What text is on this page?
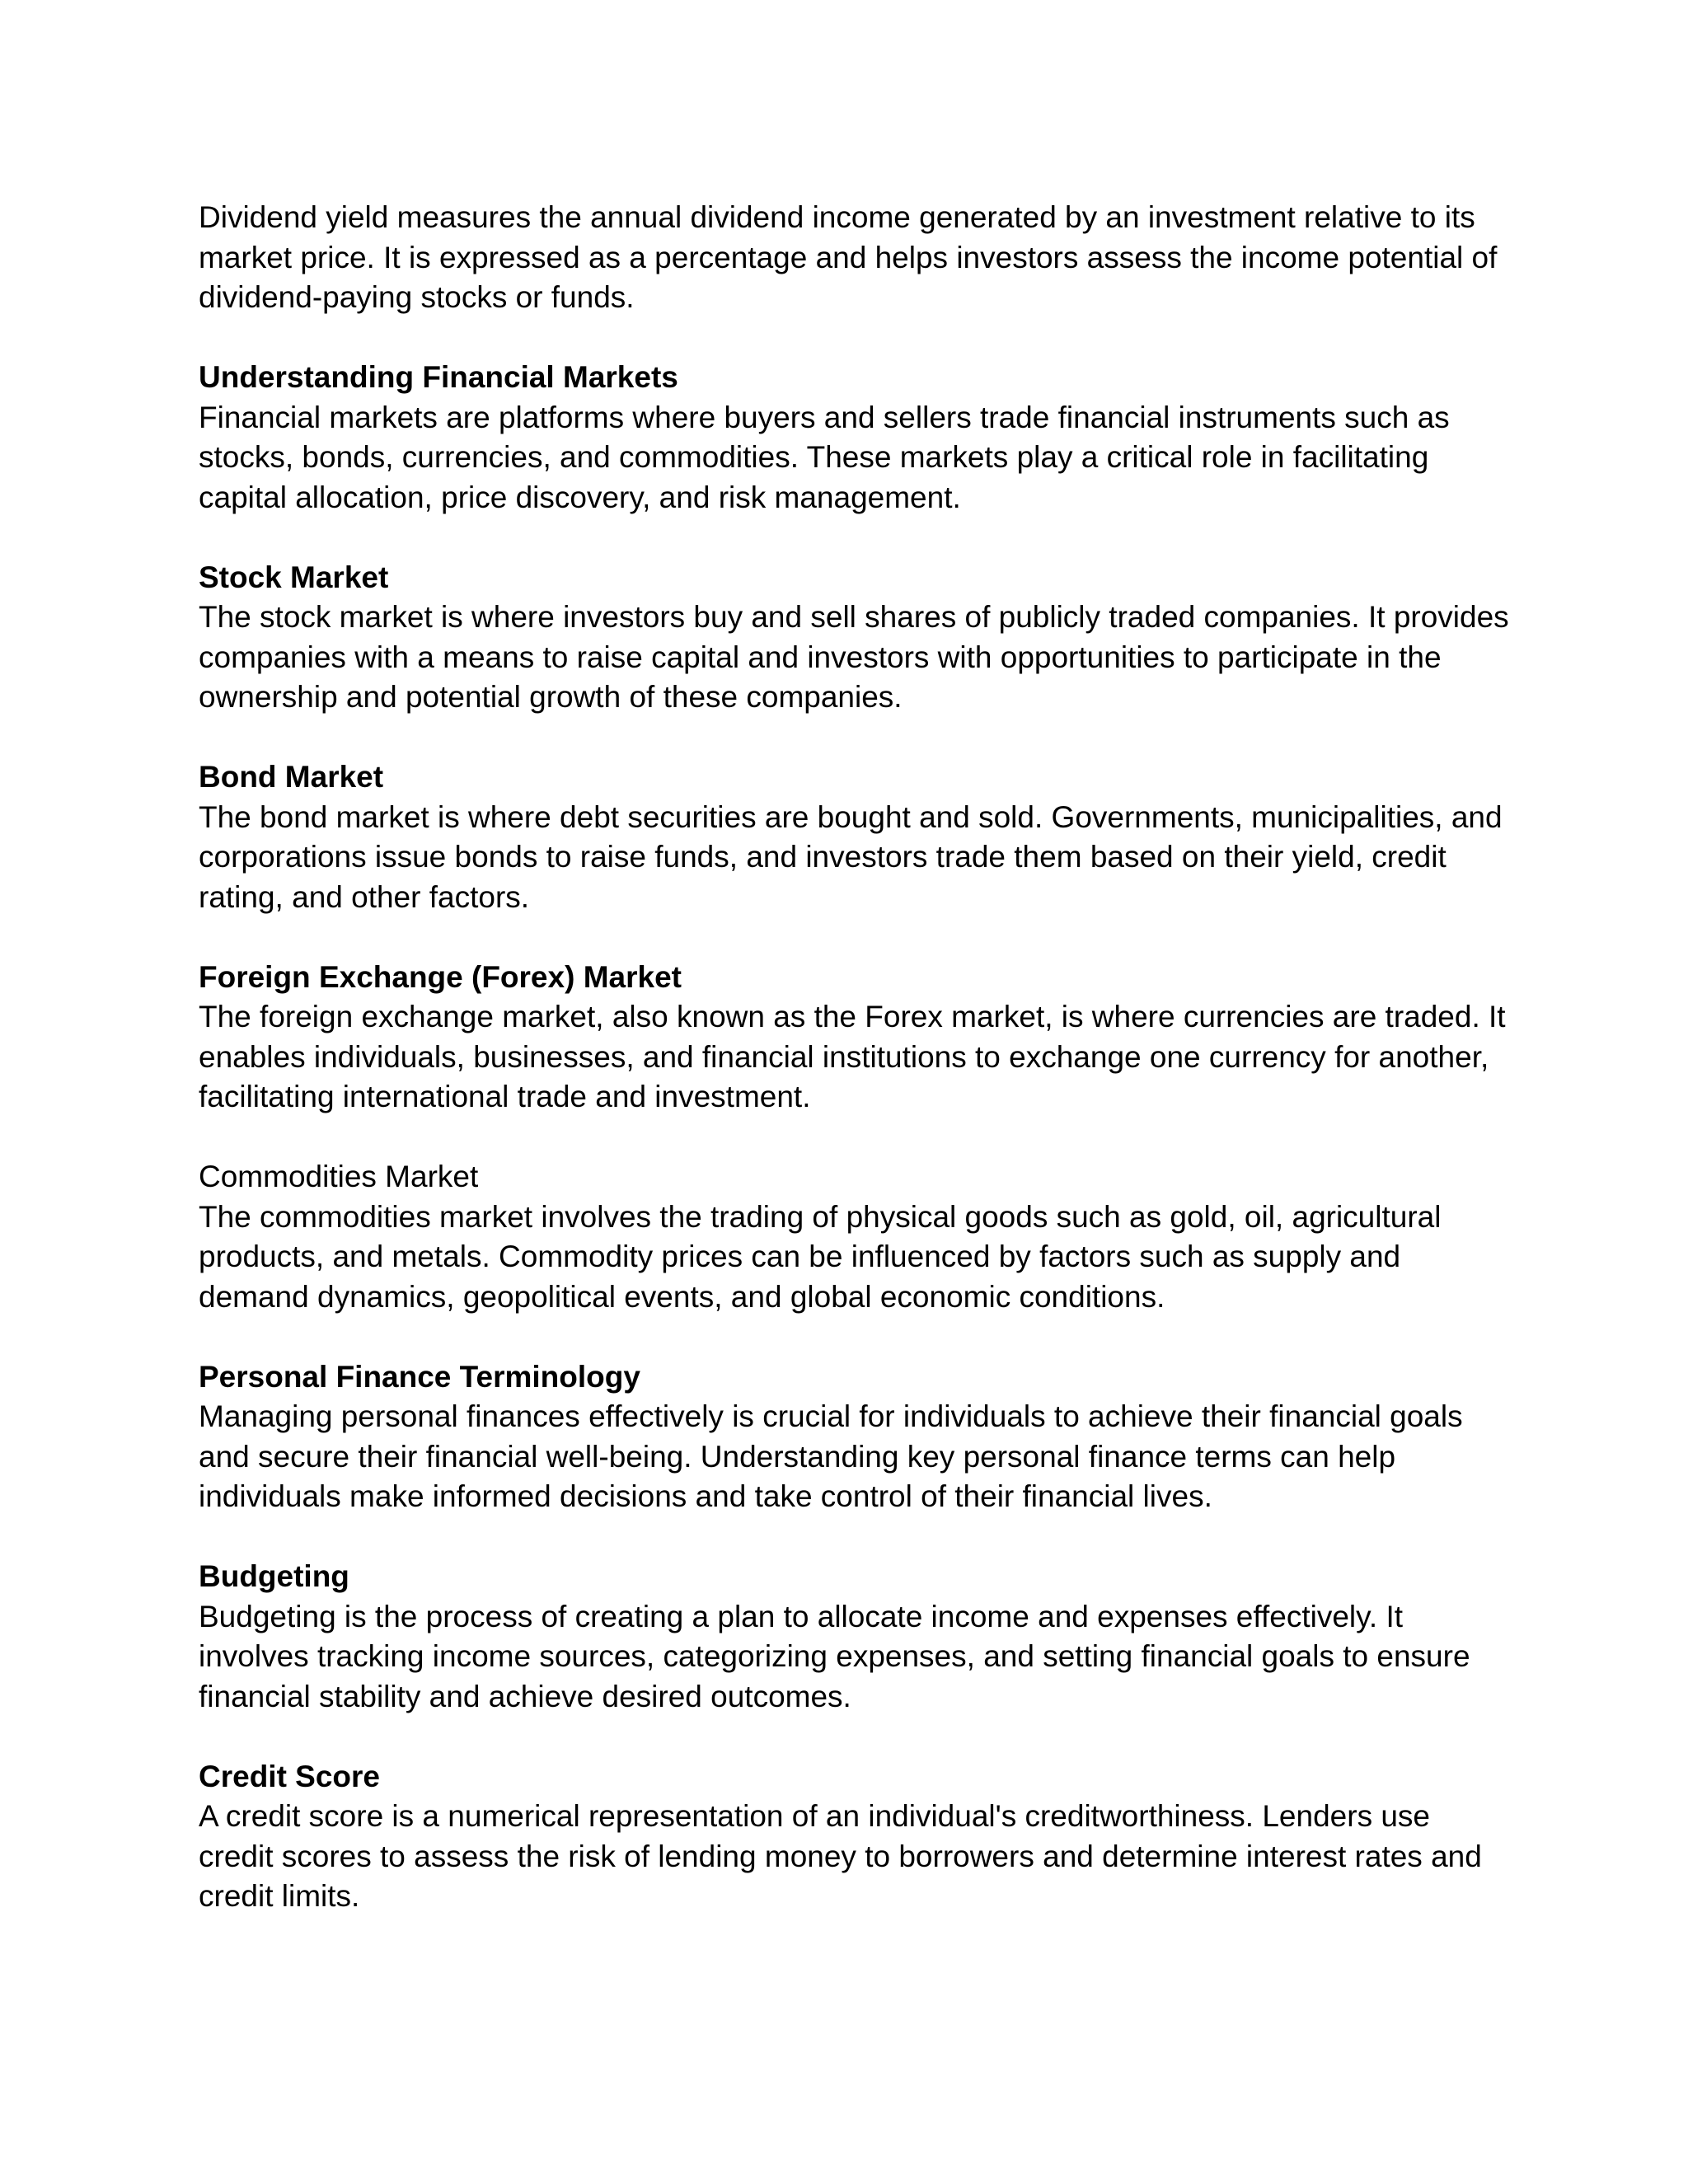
Dividend yield measures the annual dividend income generated by an investment relative to its market price. It is expressed as a percentage and helps investors assess the income potential of dividend-paying stocks or funds.

Understanding Financial Markets

Financial markets are platforms where buyers and sellers trade financial instruments such as stocks, bonds, currencies, and commodities. These markets play a critical role in facilitating capital allocation, price discovery, and risk management.

Stock Market

The stock market is where investors buy and sell shares of publicly traded companies. It provides companies with a means to raise capital and investors with opportunities to participate in the ownership and potential growth of these companies.

Bond Market

The bond market is where debt securities are bought and sold. Governments, municipalities, and corporations issue bonds to raise funds, and investors trade them based on their yield, credit rating, and other factors.

Foreign Exchange (Forex) Market

The foreign exchange market, also known as the Forex market, is where currencies are traded. It enables individuals, businesses, and financial institutions to exchange one currency for another, facilitating international trade and investment.

Commodities Market

The commodities market involves the trading of physical goods such as gold, oil, agricultural products, and metals. Commodity prices can be influenced by factors such as supply and demand dynamics, geopolitical events, and global economic conditions.

Personal Finance Terminology

Managing personal finances effectively is crucial for individuals to achieve their financial goals and secure their financial well-being. Understanding key personal finance terms can help individuals make informed decisions and take control of their financial lives.

Budgeting

Budgeting is the process of creating a plan to allocate income and expenses effectively. It involves tracking income sources, categorizing expenses, and setting financial goals to ensure financial stability and achieve desired outcomes.

Credit Score

A credit score is a numerical representation of an individual's creditworthiness. Lenders use credit scores to assess the risk of lending money to borrowers and determine interest rates and credit limits.
